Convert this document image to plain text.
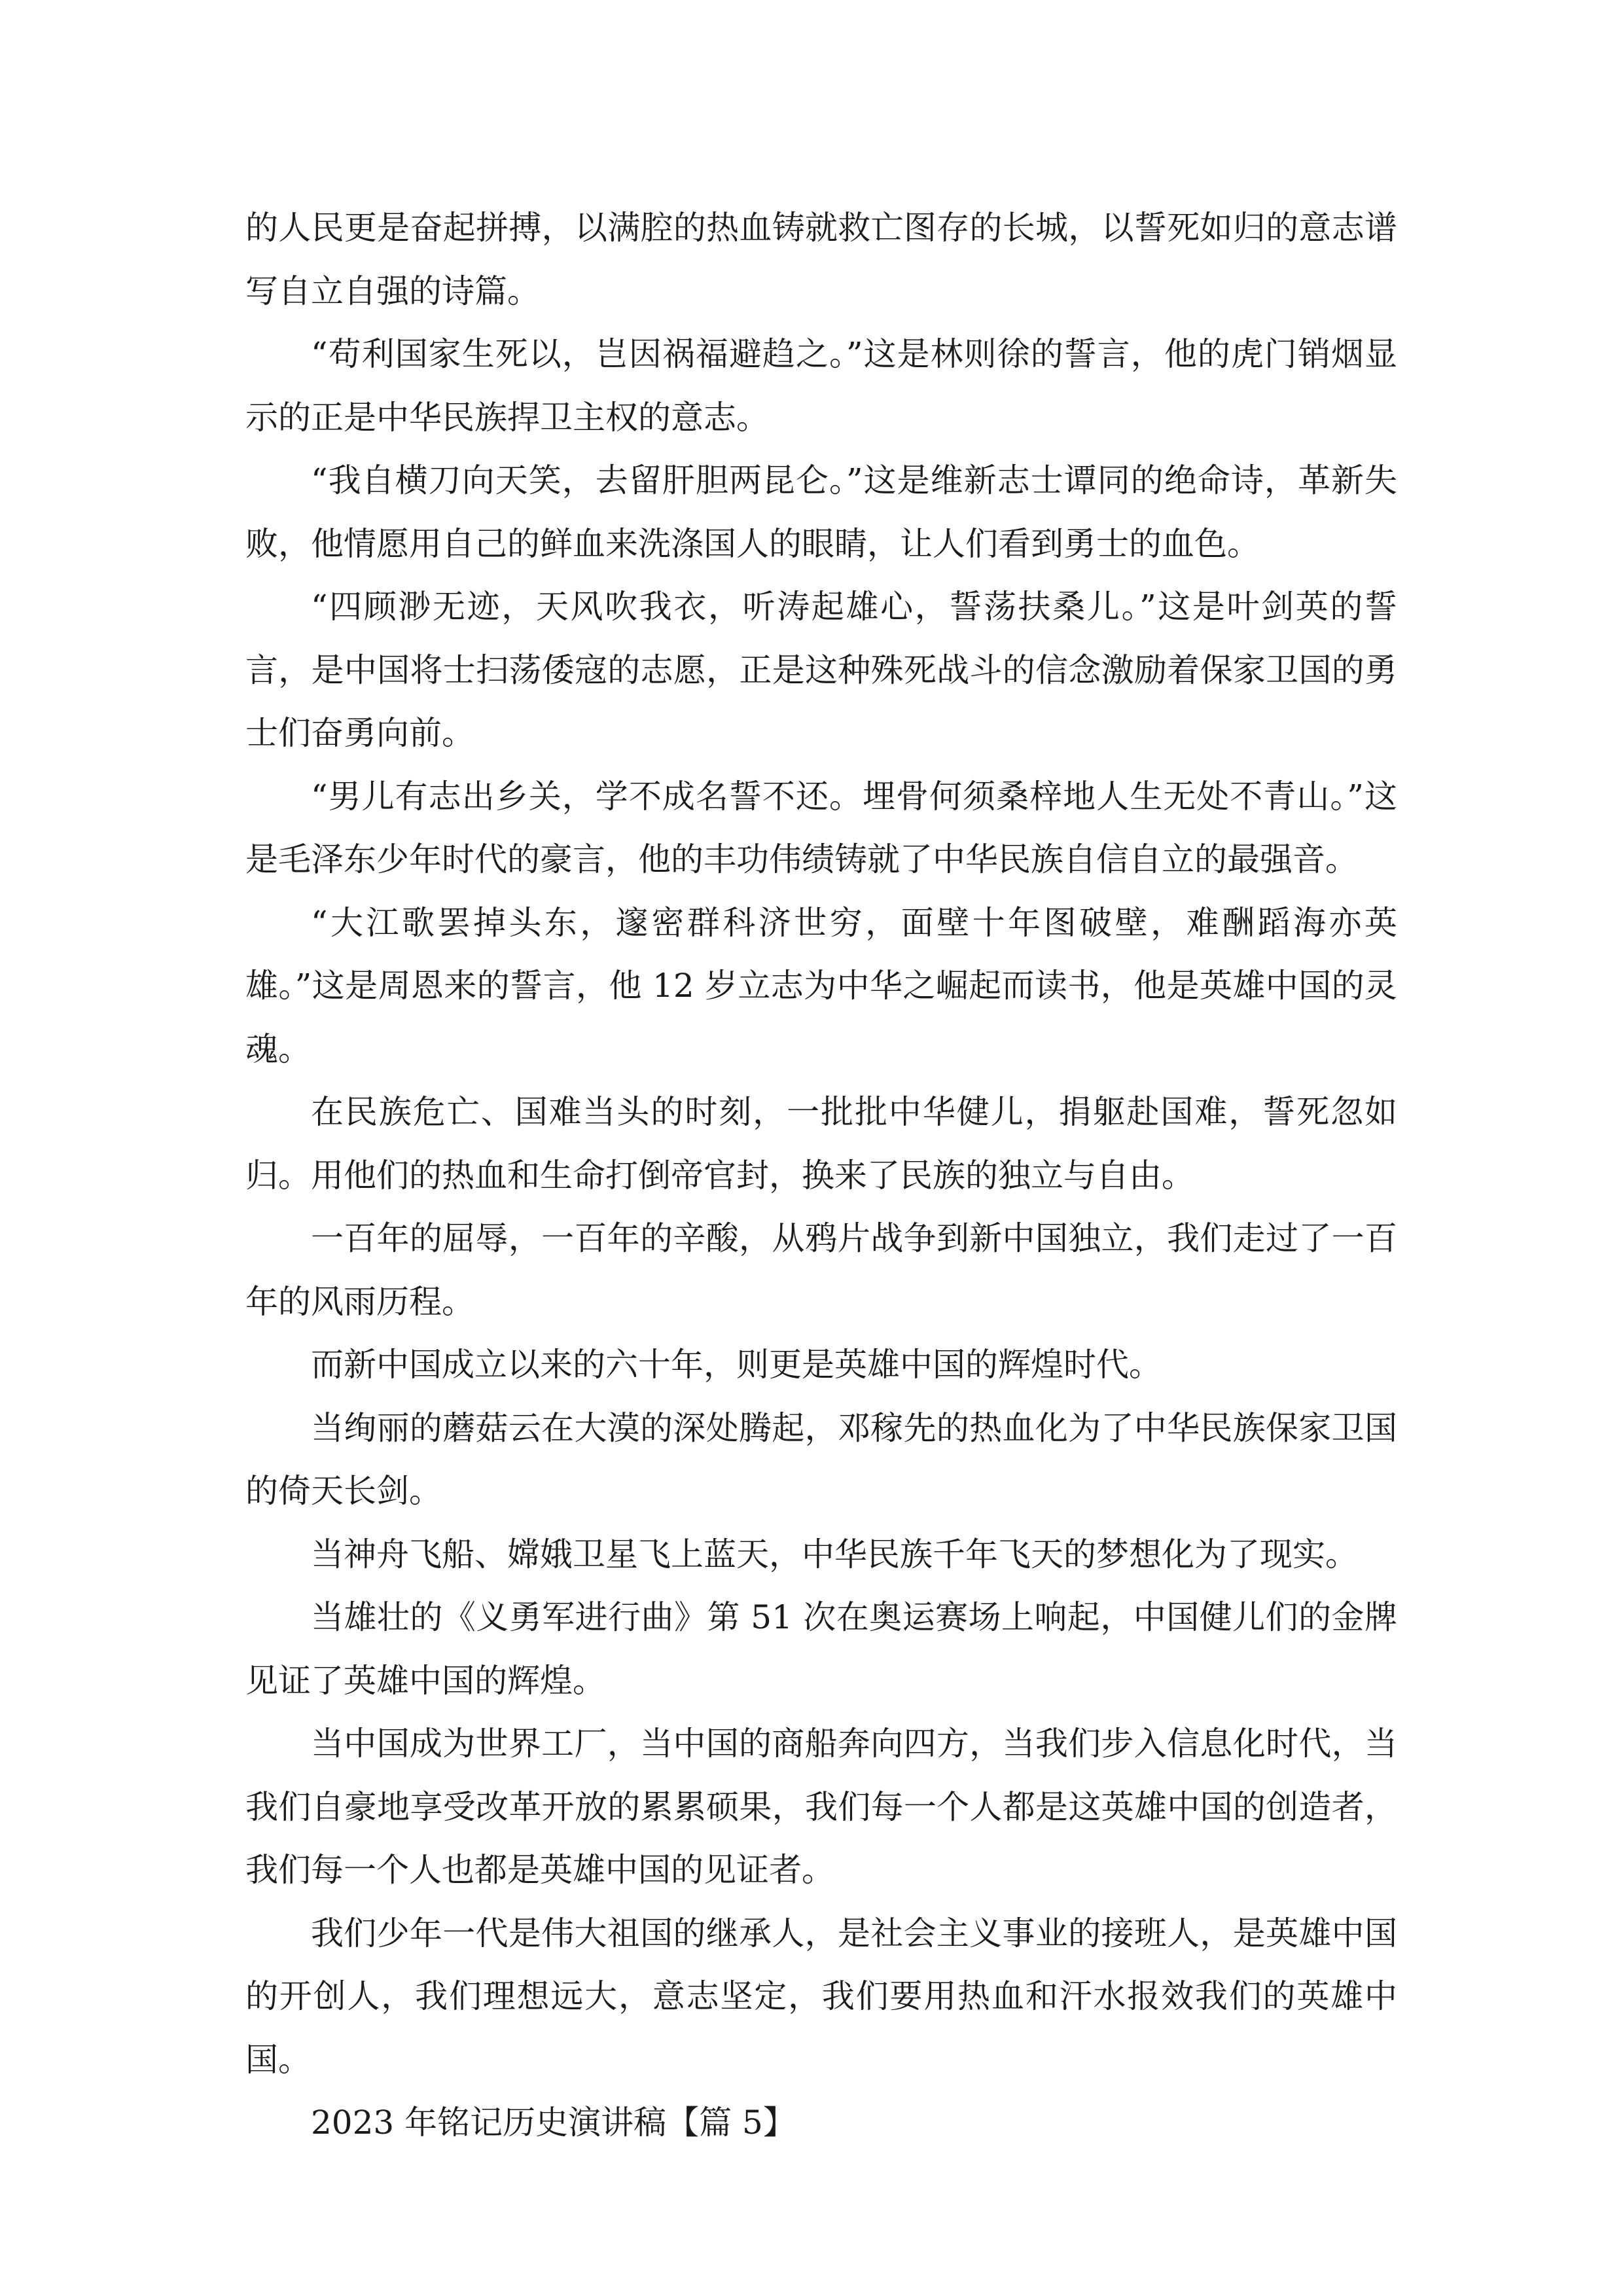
的人民更是奋起拼搏，以满腔的热血铸就救亡图存的长城，以誓死如归的意志谱写自立自强的诗篇。

“苟利国家生死以，岂因祸福避趋之。”这是林则徐的誓言，他的虎门销烟显示的正是中华民族捍卫主权的意志。

“我自横刀向天笑，去留肝胆两昆仑。”这是维新志士谭同的绝命诗，革新失败，他情愿用自己的鲜血来洗涤国人的眼睛，让人们看到勇士的血色。

“四顾渺无迹，天风吹我衣，听涛起雄心，誓荡扶桑儿。”这是叶剑英的誓言，是中国将士扫荡倭寇的志愿，正是这种殊死战斗的信念激励着保家卫国的勇士们奋勇向前。

“男儿有志出乡关，学不成名誓不还。埋骨何须桑梓地人生无处不青山。”这是毛泽东少年时代的豪言，他的丰功伟绩铸就了中华民族自信自立的最强音。

“大江歌罢掉头东，邃密群科济世穷，面壁十年图破壁，难酬蹈海亦英雄。”这是周恩来的誓言，他 12 岁立志为中华之崛起而读书，他是英雄中国的灵魂。

在民族危亡、国难当头的时刻，一批批中华健儿，捐躯赴国难，誓死忽如归。用他们的热血和生命打倒帝官封，换来了民族的独立与自由。

一百年的屈辱，一百年的辛酸，从鸦片战争到新中国独立，我们走过了一百年的风雨历程。

而新中国成立以来的六十年，则更是英雄中国的辉煌时代。

当绚丽的蘑菇云在大漠的深处腾起，邓稼先的热血化为了中华民族保家卫国的倚天长剑。

当神舟飞船、嫦娥卫星飞上蓝天，中华民族千年飞天的梦想化为了现实。

当雄壮的《义勇军进行曲》第 51 次在奥运赛场上响起，中国健儿们的金牌见证了英雄中国的辉煌。

当中国成为世界工厂，当中国的商船奔向四方，当我们步入信息化时代，当我们自豪地享受改革开放的累累硕果，我们每一个人都是这英雄中国的创造者，我们每一个人也都是英雄中国的见证者。

我们少年一代是伟大祖国的继承人，是社会主义事业的接班人，是英雄中国的开创人，我们理想远大，意志坚定，我们要用热血和汗水报效我们的英雄中国。

2023 年铭记历史演讲稿【篇 5】
